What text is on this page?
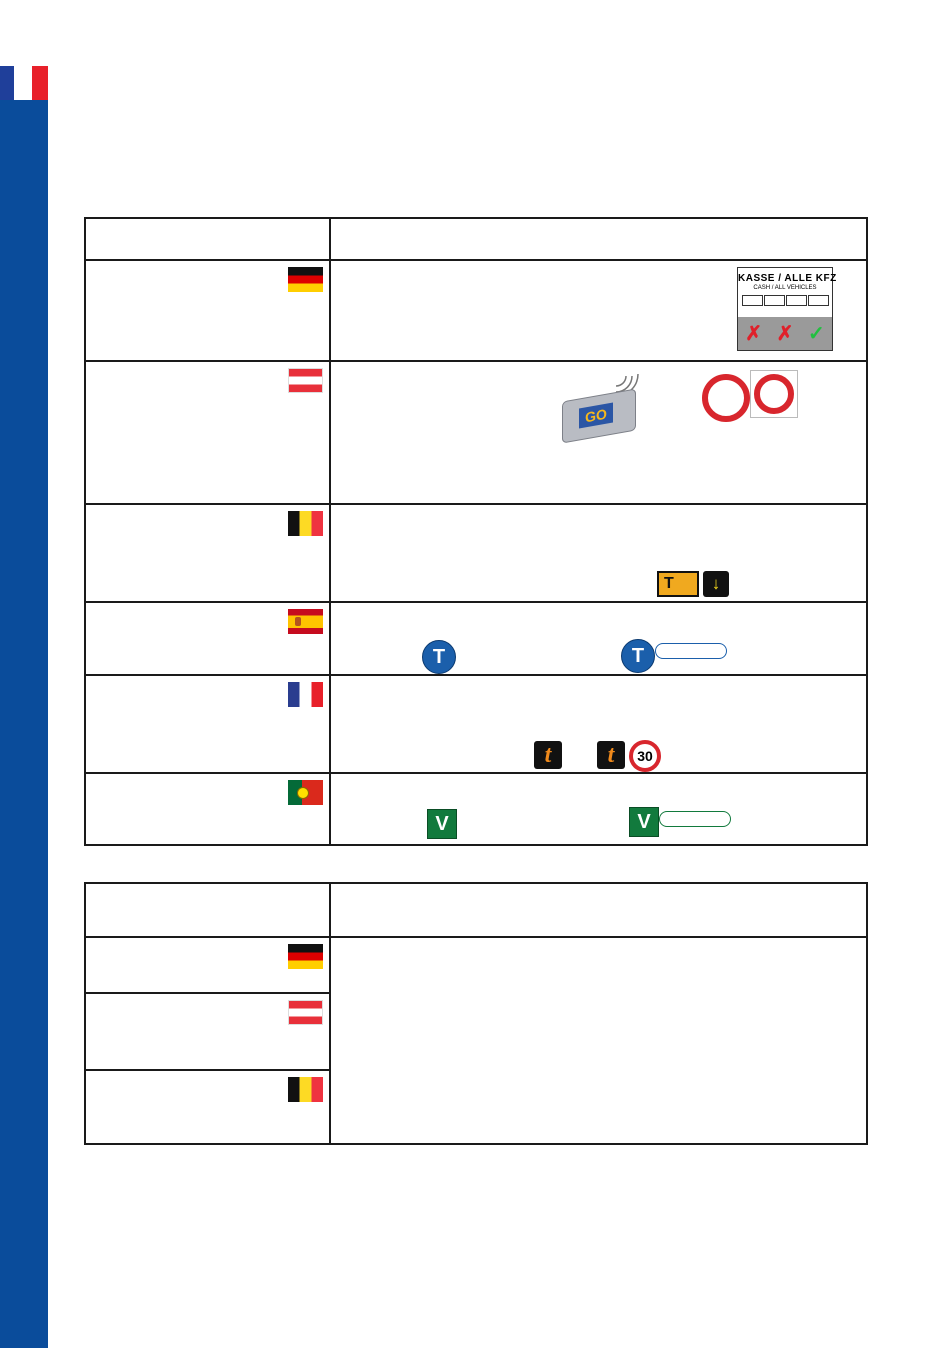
	KASSE / ALLE KFZ
CASH / ALL VEHICLES
✗ ✗ ✓

	GO

	T ↓

	T T

	t t 30

	V V
